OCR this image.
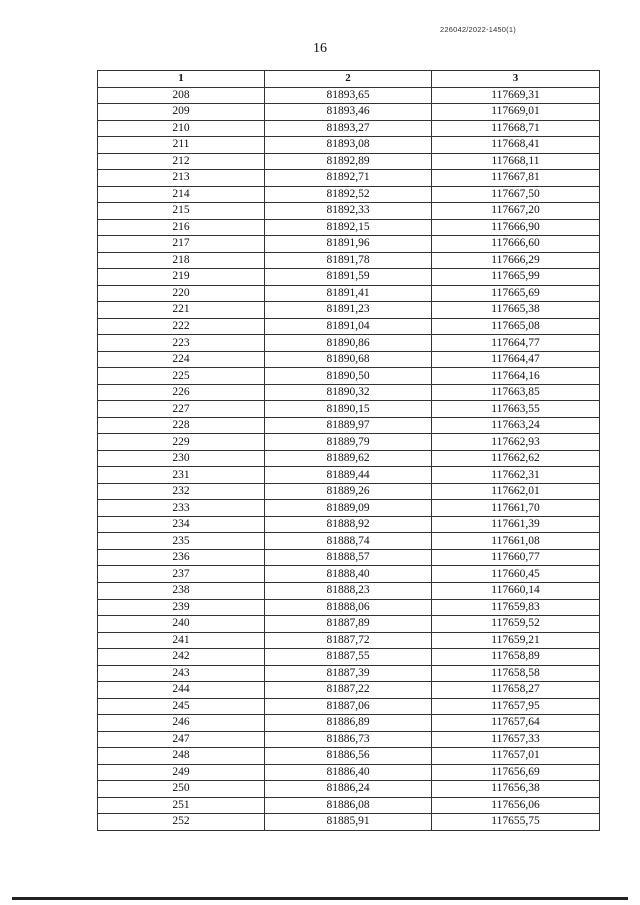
226042/2022-1450(1)
16
1	2	3
208	81893,65	117669,31
209	81893,46	117669,01
210	81893,27	117668,71
211	81893,08	117668,41
212	81892,89	117668,11
213	81892,71	117667,81
214	81892,52	117667,50
215	81892,33	117667,20
216	81892,15	117666,90
217	81891,96	117666,60
218	81891,78	117666,29
219	81891,59	117665,99
220	81891,41	117665,69
221	81891,23	117665,38
222	81891,04	117665,08
223	81890,86	117664,77
224	81890,68	117664,47
225	81890,50	117664,16
226	81890,32	117663,85
227	81890,15	117663,55
228	81889,97	117663,24
229	81889,79	117662,93
230	81889,62	117662,62
231	81889,44	117662,31
232	81889,26	117662,01
233	81889,09	117661,70
234	81888,92	117661,39
235	81888,74	117661,08
236	81888,57	117660,77
237	81888,40	117660,45
238	81888,23	117660,14
239	81888,06	117659,83
240	81887,89	117659,52
241	81887,72	117659,21
242	81887,55	117658,89
243	81887,39	117658,58
244	81887,22	117658,27
245	81887,06	117657,95
246	81886,89	117657,64
247	81886,73	117657,33
248	81886,56	117657,01
249	81886,40	117656,69
250	81886,24	117656,38
251	81886,08	117656,06
252	81885,91	117655,75
